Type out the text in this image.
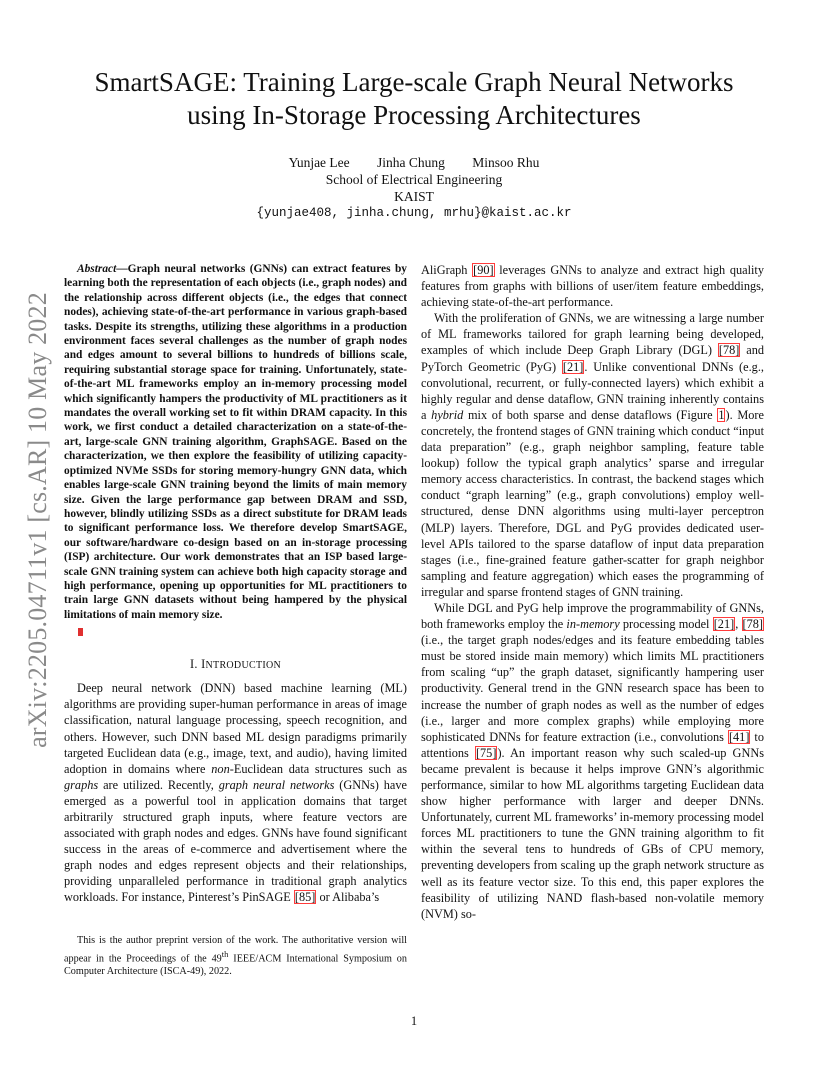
arXiv:2205.04711v1 [cs.AR] 10 May 2022
SmartSAGE: Training Large-scale Graph Neural Networks
using In-Storage Processing Architectures
Yunjae Lee Jinha Chung Minsoo Rhu
School of Electrical Engineering
KAIST
{yunjae408, jinha.chung, mrhu}@kaist.ac.kr

Abstract—Graph neural networks (GNNs) can extract features by learning both the representation of each objects (i.e., graph nodes) and the relationship across different objects (i.e., the edges that connect nodes), achieving state-of-the-art performance in various graph-based tasks. Despite its strengths, utilizing these algorithms in a production environment faces several challenges as the number of graph nodes and edges amount to several billions to hundreds of billions scale, requiring substantial storage space for training. Unfortunately, state-of-the-art ML frameworks employ an in-memory processing model which significantly hampers the productivity of ML practitioners as it mandates the overall working set to fit within DRAM capacity. In this work, we first conduct a detailed characterization on a state-of-the-art, large-scale GNN training algorithm, GraphSAGE. Based on the characterization, we then explore the feasibility of utilizing capacity-optimized NVMe SSDs for storing memory-hungry GNN data, which enables large-scale GNN training beyond the limits of main memory size. Given the large performance gap between DRAM and SSD, however, blindly utilizing SSDs as a direct substitute for DRAM leads to significant performance loss. We therefore develop SmartSAGE, our software/hardware co-design based on an in-storage processing (ISP) architecture. Our work demonstrates that an ISP based large-scale GNN training system can achieve both high capacity storage and high performance, opening up opportunities for ML practitioners to train large GNN datasets without being hampered by the physical limitations of main memory size.

I. INTRODUCTION

Deep neural network (DNN) based machine learning (ML) algorithms are providing super-human performance in areas of image classification, natural language processing, speech recognition, and others. However, such DNN based ML design paradigms primarily targeted Euclidean data (e.g., image, text, and audio), having limited adoption in domains where non-Euclidean data structures such as graphs are utilized. Recently, graph neural networks (GNNs) have emerged as a powerful tool in application domains that target arbitrarily structured graph inputs, where feature vectors are associated with graph nodes and edges. GNNs have found significant success in the areas of e-commerce and advertisement where the graph nodes and edges represent objects and their relationships, providing unparalleled performance in traditional graph analytics workloads. For instance, Pinterest’s PinSAGE [85] or Alibaba’s

This is the author preprint version of the work. The authoritative version will appear in the Proceedings of the 49th IEEE/ACM International Symposium on Computer Architecture (ISCA-49), 2022.

AliGraph [90] leverages GNNs to analyze and extract high quality features from graphs with billions of user/item feature embeddings, achieving state-of-the-art performance.

With the proliferation of GNNs, we are witnessing a large number of ML frameworks tailored for graph learning being developed, examples of which include Deep Graph Library (DGL) [78] and PyTorch Geometric (PyG) [21]. Unlike conventional DNNs (e.g., convolutional, recurrent, or fully-connected layers) which exhibit a highly regular and dense dataflow, GNN training inherently contains a hybrid mix of both sparse and dense dataflows (Figure 1). More concretely, the frontend stages of GNN training which conduct “input data preparation” (e.g., graph neighbor sampling, feature table lookup) follow the typical graph analytics’ sparse and irregular memory access characteristics. In contrast, the backend stages which conduct “graph learning” (e.g., graph convolutions) employ well-structured, dense DNN algorithms using multi-layer perceptron (MLP) layers. Therefore, DGL and PyG provides dedicated user-level APIs tailored to the sparse dataflow of input data preparation stages (i.e., fine-grained feature gather-scatter for graph neighbor sampling and feature aggregation) which eases the programming of irregular and sparse frontend stages of GNN training.

While DGL and PyG help improve the programmability of GNNs, both frameworks employ the in-memory processing model [21], [78] (i.e., the target graph nodes/edges and its feature embedding tables must be stored inside main memory) which limits ML practitioners from scaling “up” the graph dataset, significantly hampering user productivity. General trend in the GNN research space has been to increase the number of graph nodes as well as the number of edges (i.e., larger and more complex graphs) while employing more sophisticated DNNs for feature extraction (i.e., convolutions [41] to attentions [75]). An important reason why such scaled-up GNNs became prevalent is because it helps improve GNN’s algorithmic performance, similar to how ML algorithms targeting Euclidean data show higher performance with larger and deeper DNNs. Unfortunately, current ML frameworks’ in-memory processing model forces ML practitioners to tune the GNN training algorithm to fit within the several tens to hundreds of GBs of CPU memory, preventing developers from scaling up the graph network structure as well as its feature vector size. To this end, this paper explores the feasibility of utilizing NAND flash-based non-volatile memory (NVM) so-

1
